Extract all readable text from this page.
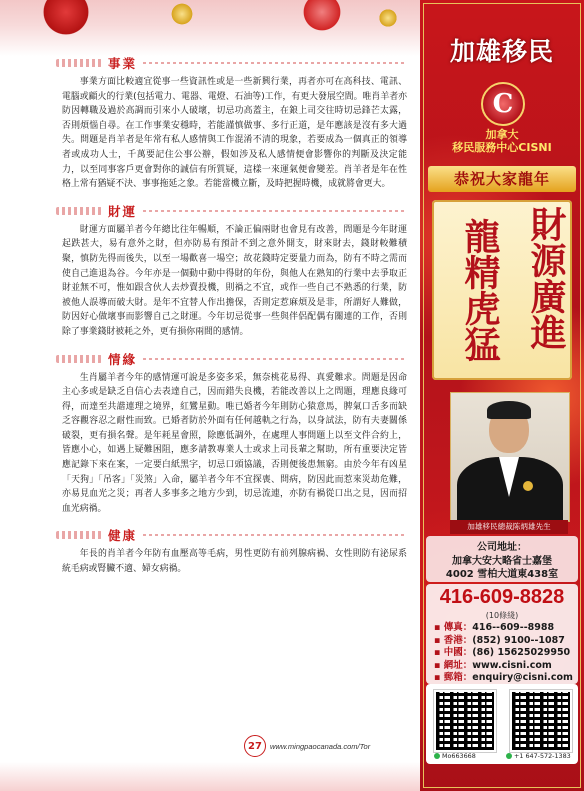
事業

事業方面比較適宜從事一些資訊性或是一些新興行業，再者亦可在高科技、電訊、電腦或顧火的行業(包括電力、電器、電燈、石油等)工作，有更大發展空間。唯肖羊者亦防因轉職及過於高調而引來小人破壞，切忌功高蓋主，在鋃上司交往時切忌鋒芒太露，否則煩惱自尋。在工作事業安穩時，若能謹慎做事、多行正道，是年應該是沒有多大過失。問題是肖羊者是年常有私人感情與工作混淆不清的現象，若要成為一個真正的領導者或成功人士，千萬要記住公事公辦，假如涉及私人感情便會影響你的判斷及決定能力，以至同事客戶更會對你的誠信有所質疑，這樣一來運氣便會變差。肖羊者是年在性格上常有猶疑不決、事事拖延之象。若能當機立斷，及時把握時機，成就將會更大。

財運

財運方面屬羊者今年總比往年暢順，不論正偏兩財也會見有改善，問題是今年財運起跌甚大，易有意外之財，但亦防易有預計不到之意外開支，財來財去，錢財較難積聚，慎防先得而後失，以至一場歡喜一場空；故花錢時定要量力而為，防有不時之需而使自己進退為谷。今年亦是一個動中動中得財的年份，與他人在熟知的行業中去爭取正財並無不可，惟如跟含伙人去炒賣投機，則禍之不宜，或作一些自己不熟悉的行業，防被他人誤導而破大財。是年不宜替人作出擔保，否則定惹麻煩及是非，所謂好人難做，防因好心做壞事而影響自己之財運。今年切忌從事一些與伴侶配偶有關連的工作，否則除了事業錢財被耗之外，更有損你兩間的感情。

情緣

生肖屬羊者今年的感情運可說是多姿多采，無奈桃花易得、真愛難求。問題是因命主心多或是缺乏自信心去表達自己，因而錯失良機，若能改善以上之問題，理應良緣可得，而達至共諧連理之境界，紅鸞星動。唯已婚者今年則防心猿意馬，脾氣口舌多而缺乏容觀容忍之耐性而致。已婚者防於外面有任何越軌之行為，以身試法，防有夫妻關係破裂，更有損名聲。是年耗星會照，除應低調外，在處理人事問題上以至文件合約上，皆應小心，如遇上疑難困阻，應多請教專業人士或求上司長輩之幫助，所有重要決定皆應記錄下來在案，一定要白紙黑字，切忌口頭協議，否則便後患無窮。由於今年有凶星「天狗」「吊客」「災煞」入命，屬羊者今年不宜探喪、問病，防因此而惹來災劫危難，亦易見血光之災；再者人多事多之地方少到，切忌流連，亦防有禍從口出之見，因而招血光病禍。

健康

年長的肖羊者今年防有血壓高等毛病，男性更防有前列腺病禍、女性則防有泌尿系統毛病或腎臟不適、婦女病禍。

27	www.mingpaocanada.com/Tor
加雄移民
C
加拿大
移民服務中心CISNI
恭祝大家龍年
財源廣進
龍精虎猛
加雄移民總裁陈炳雄先生
公司地址：
加拿大安大略省士嘉堡
4002 雪柏大道東438室
416-609-8828
(10條綫)
▪ 傳真：416--609--8988
▪ 香港：(852) 9100--1087
▪ 中國：(86) 15625029950
▪ 網址：www.cisni.com
▪ 郵箱：enquiry@cisni.com
Mo663668	+1 647-572-1383
